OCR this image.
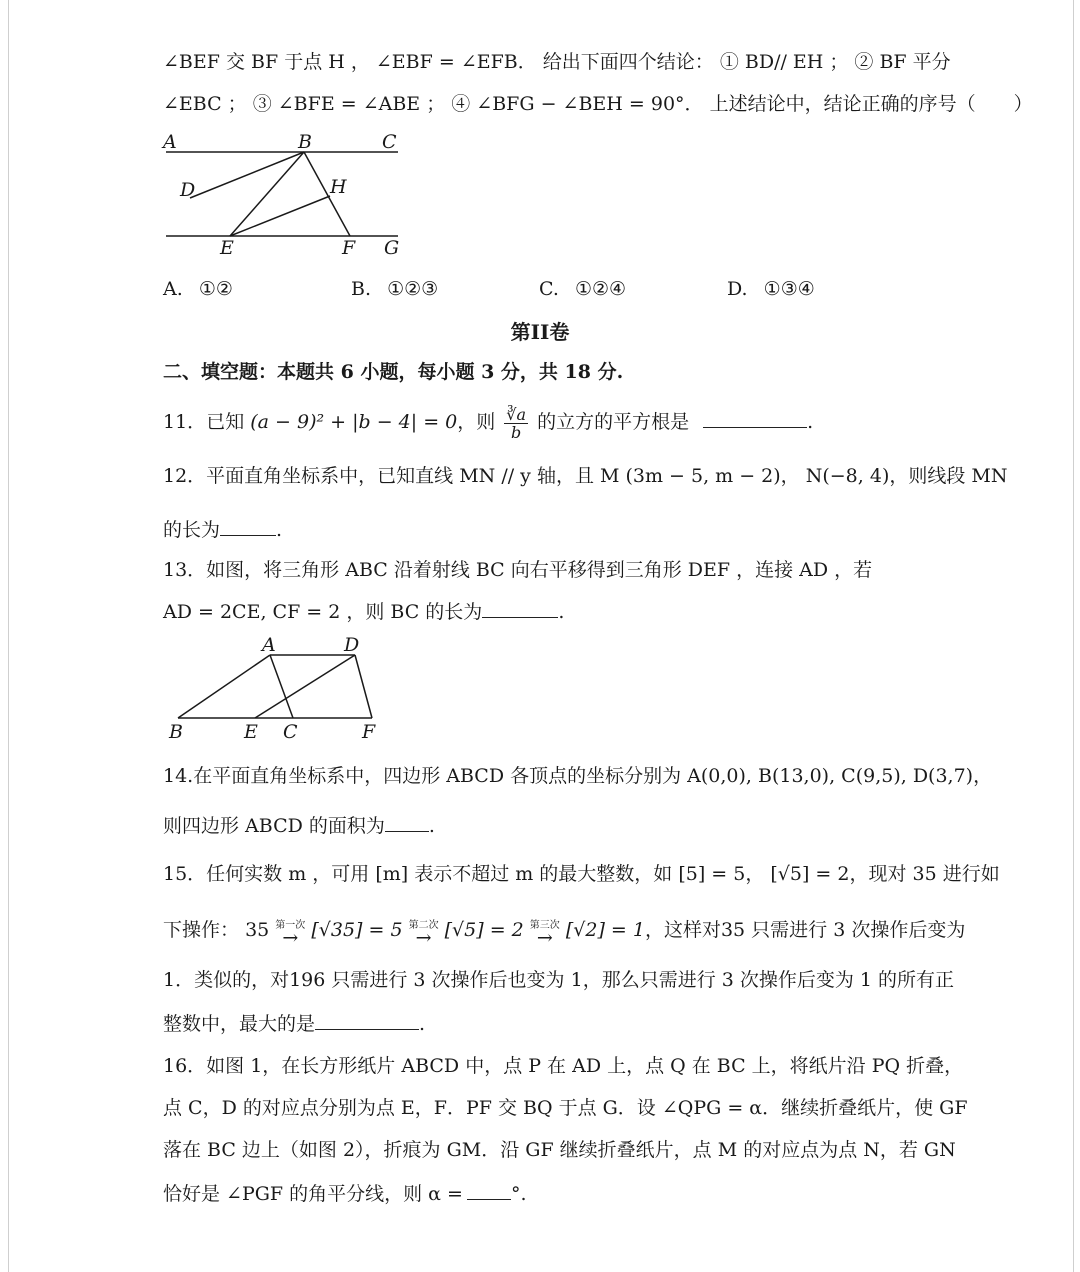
∠BEF 交 BF 于点 H ， ∠EBF = ∠EFB． 给出下面四个结论： ① BD// EH ； ② BF 平分
∠EBC ； ③ ∠BFE = ∠ABE ； ④ ∠BFG − ∠BEH = 90°． 上述结论中，结论正确的序号（　　）
A	B	C
D	H
E	F G
A. ①②	B. ①②③	C. ①②④	D. ①③④
第II卷
二、填空题：本题共 6 小题，每小题 3 分，共 18 分.
11．已知 (a − 9)² + |b − 4| = 0，则 $\frac{∛a}{b}$ 的立方的平方根是	.
12．平面直角坐标系中，已知直线 MN // y 轴，且 M (3m − 5, m − 2)， N(−8, 4)，则线段 MN
的长为	.
13．如图，将三角形 ABC 沿着射线 BC 向右平移得到三角形 DEF ，连接 AD ，若
AD = 2CE, CF = 2 ，则 BC 的长为	.
A	D
B	E C	F
14.在平面直角坐标系中，四边形 ABCD 各顶点的坐标分别为 A(0,0), B(13,0), C(9,5), D(3,7)，
则四边形 ABCD 的面积为 .
15．任何实数 m ，可用 [m] 表示不超过 m 的最大整数，如 [5] = 5， [√5] = 2，现对 35 进行如
下操作： 35 第一次
→ [√35] = 5 第二次
→ [√5] = 2 第三次
→ [√2] = 1，这样对35 只需进行 3 次操作后变为
1．类似的，对196 只需进行 3 次操作后也变为 1，那么只需进行 3 次操作后变为 1 的所有正
整数中，最大的是	.
16．如图 1，在长方形纸片 ABCD 中，点 P 在 AD 上，点 Q 在 BC 上，将纸片沿 PQ 折叠，
点 C，D 的对应点分别为点 E，F．PF 交 BQ 于点 G．设 ∠QPG = α．继续折叠纸片，使 GF
落在 BC 边上（如图 2），折痕为 GM．沿 GF 继续折叠纸片，点 M 的对应点为点 N，若 GN
恰好是 ∠PGF 的角平分线，则 α =	°.
